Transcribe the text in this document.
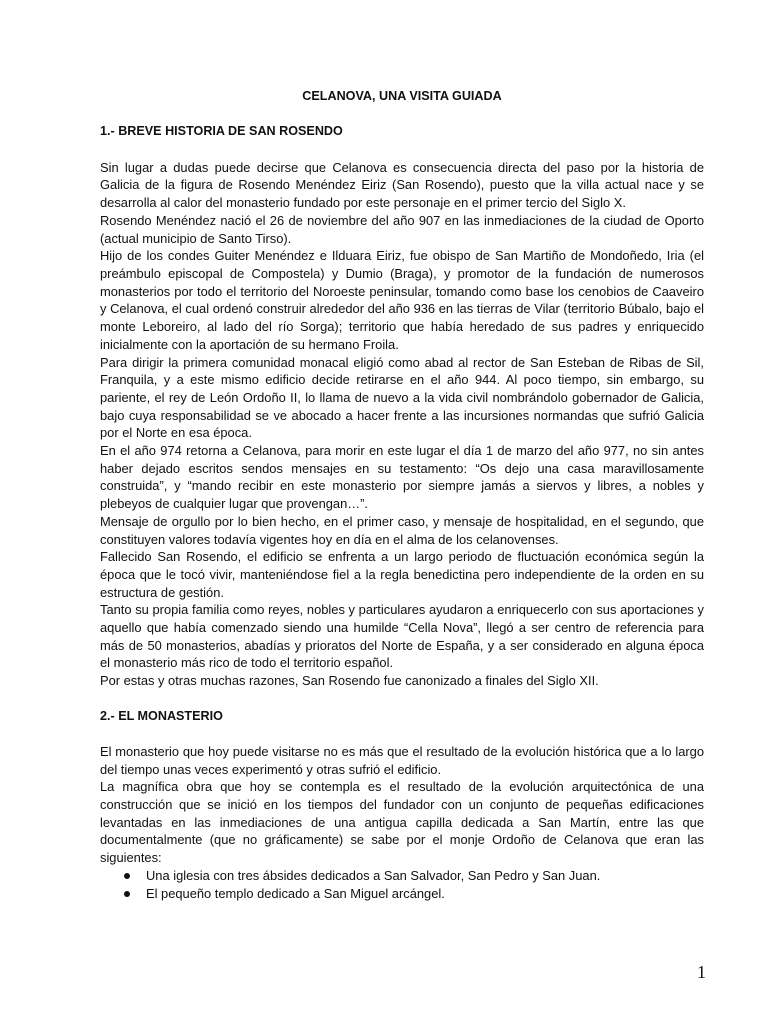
CELANOVA, UNA VISITA GUIADA
1.- BREVE HISTORIA DE SAN ROSENDO

Sin lugar a dudas puede decirse que Celanova es consecuencia directa del paso por la historia de Galicia de la figura de Rosendo Menéndez Eiriz (San Rosendo), puesto que la villa actual nace y se desarrolla al calor del monasterio fundado por este personaje en el primer tercio del Siglo X.

Rosendo Menéndez nació el 26 de noviembre del año 907 en las inmediaciones de la ciudad de Oporto (actual municipio de Santo Tirso).

Hijo de los condes Guiter Menéndez e Ilduara Eiriz, fue obispo de San Martiño de Mondoñedo, Iria (el preámbulo episcopal de Compostela) y Dumio (Braga), y promotor de la fundación de numerosos monasterios por todo el territorio del Noroeste peninsular, tomando como base los cenobios de Caaveiro y Celanova, el cual ordenó construir alrededor del año 936 en las tierras de Vilar (territorio Búbalo, bajo el monte Leboreiro, al lado del río Sorga); territorio que había heredado de sus padres y enriquecido inicialmente con la aportación de su hermano Froila.

Para dirigir la primera comunidad monacal eligió como abad al rector de San Esteban de Ribas de Sil, Franquila, y a este mismo edificio decide retirarse en el año 944. Al poco tiempo, sin embargo, su pariente, el rey de León Ordoño II, lo llama de nuevo a la vida civil nombrándolo gobernador de Galicia, bajo cuya responsabilidad se ve abocado a hacer frente a las incursiones normandas que sufrió Galicia por el Norte en esa época.

En el año 974 retorna a Celanova, para morir en este lugar el día 1 de marzo del año 977, no sin antes haber dejado escritos sendos mensajes en su testamento: “Os dejo una casa maravillosamente construida”, y “mando recibir en este monasterio por siempre jamás a siervos y libres, a nobles y plebeyos de cualquier lugar que provengan…”.

Mensaje de orgullo por lo bien hecho, en el primer caso, y mensaje de hospitalidad, en el segundo, que constituyen valores todavía vigentes hoy en día en el alma de los celanovenses.

Fallecido San Rosendo, el edificio se enfrenta a un largo periodo de fluctuación económica según la época que le tocó vivir, manteniéndose fiel a la regla benedictina pero independiente de la orden en su estructura de gestión.

Tanto su propia familia como reyes, nobles y particulares ayudaron a enriquecerlo con sus aportaciones y aquello que había comenzado siendo una humilde “Cella Nova”, llegó a ser centro de referencia para más de 50 monasterios, abadías y prioratos del Norte de España, y a ser considerado en alguna época el monasterio más rico de todo el territorio español.

Por estas y otras muchas razones, San Rosendo fue canonizado a finales del Siglo XII.

2.- EL MONASTERIO

El monasterio que hoy puede visitarse no es más que el resultado de la evolución histórica que a lo largo del tiempo unas veces experimentó y otras sufrió el edificio.

La magnífica obra que hoy se contempla es el resultado de la evolución arquitectónica de una construcción que se inició en los tiempos del fundador con un conjunto de pequeñas edificaciones levantadas en las inmediaciones de una antigua capilla dedicada a San Martín, entre las que documentalmente (que no gráficamente) se sabe por el monje Ordoño de Celanova que eran las siguientes:

Una iglesia con tres ábsides dedicados a San Salvador, San Pedro y San Juan.
El pequeño templo dedicado a San Miguel arcángel.
1
